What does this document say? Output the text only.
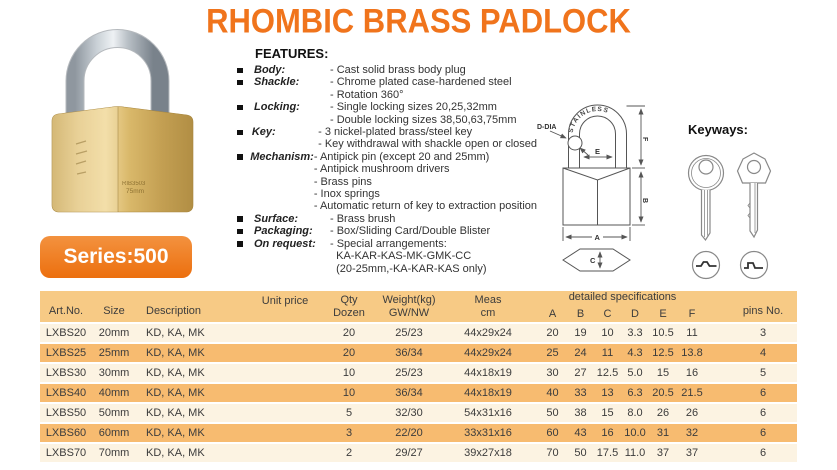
RHOMBIC BRASS PADLOCK
RIB3503
75mm
Series:500
FEATURES:
Body:	- Cast solid brass body plug
Shackle:	- Chrome plated case-hardened steel
- Rotation 360°
Locking:	- Single locking sizes 20,25,32mm
- Double locking sizes 38,50,63,75mm
Key:	- 3 nickel-plated brass/steel key
- Key withdrawal with shackle open or closed
Mechanism: - Antipick pin (except 20 and 25mm)
- Antipick mushroom drivers
- Brass pins
- Inox springs
- Automatic return of key to extraction position
Surface:	- Brass brush
Packaging:	- Box/Sliding Card/Double Blister
On request:	- Special arrangements:
KA-KAR-KAS-MK-GMK-CC
(20-25mm,-KA-KAR-KAS only)
STAINLESS
D-DIA
E
F
B
A
C
Keyways:
Art.No.	Size	Description	Unit price	Qty
Dozen

Weight(kg)
GW/NW

Meas
cm
	detailed specifications	pins No.
							A	B	C	D	E	F	
LXBS20	20mm	KD, KA, MK		20	25/23	44x29x24	20	19	10	3.3	10.5	11	3
LXBS25	25mm	KD, KA, MK		20	36/34	44x29x24	25	24	11	4.3	12.5	13.8	4
LXBS30	30mm	KD, KA, MK		10	25/23	44x18x19	30	27	12.5	5.0	15	16	5
LXBS40	40mm	KD, KA, MK		10	36/34	44x18x19	40	33	13	6.3	20.5	21.5	6
LXBS50	50mm	KD, KA, MK		5	32/30	54x31x16	50	38	15	8.0	26	26	6
LXBS60	60mm	KD, KA, MK		3	22/20	33x31x16	60	43	16	10.0	31	32	6
LXBS70	70mm	KD, KA, MK		2	29/27	39x27x18	70	50	17.5	11.0	37	37	6
